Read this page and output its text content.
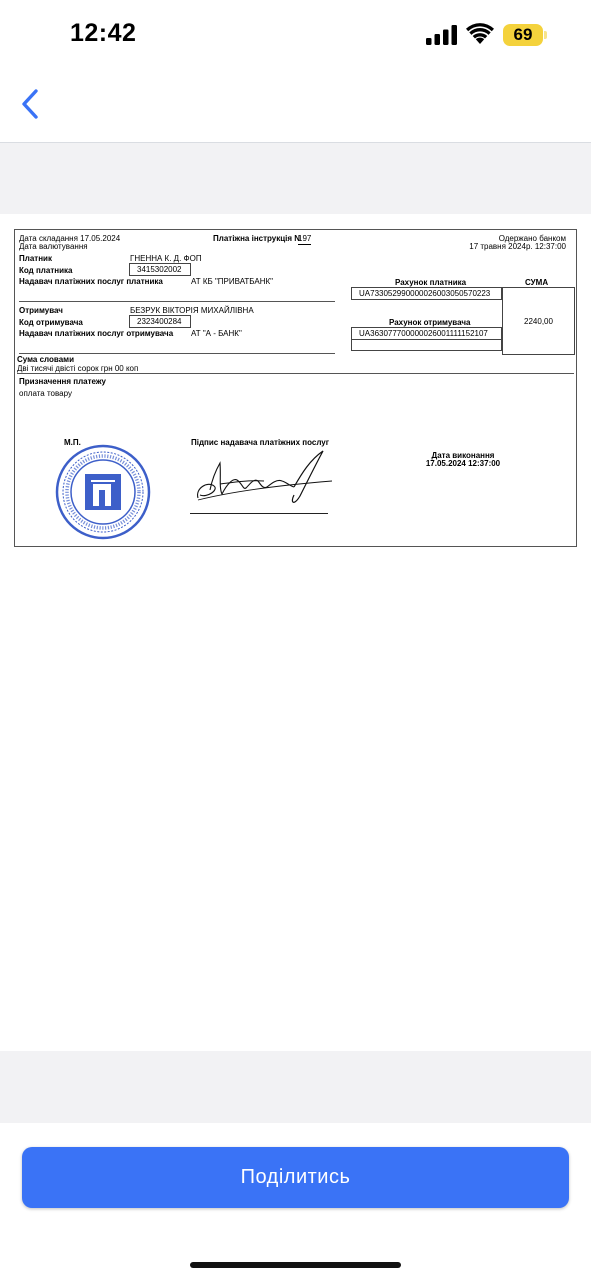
12:42	69
Дата складання 17.05.2024
Дата валютування
Платіжна інструкція N
197	Одержано банком
17 травня 2024р. 12:37:00
Платник	ГНЕННА К. Д. ФОП
Код платника	3415302002
Надавач платіжних послуг платника	АТ КБ "ПРИВАТБАНК"	Рахунок платника
UA733052990000026003050570223
СУМА
2240,00
Отримувач	БЕЗРУК ВІКТОРІЯ МИХАЙЛІВНА
Код отримувача	2323400284
Надавач платіжних послуг отримувача АТ "А - БАНК"
Рахунок отримувача
UA363077700000026001111152107
Сума словами
Дві тисячі двісті сорок грн 00 коп
Призначення платежу
оплата товару
М.П.	Підпис надавача платіжних послуг
Дата виконання
17.05.2024 12:37:00
Поділитись
